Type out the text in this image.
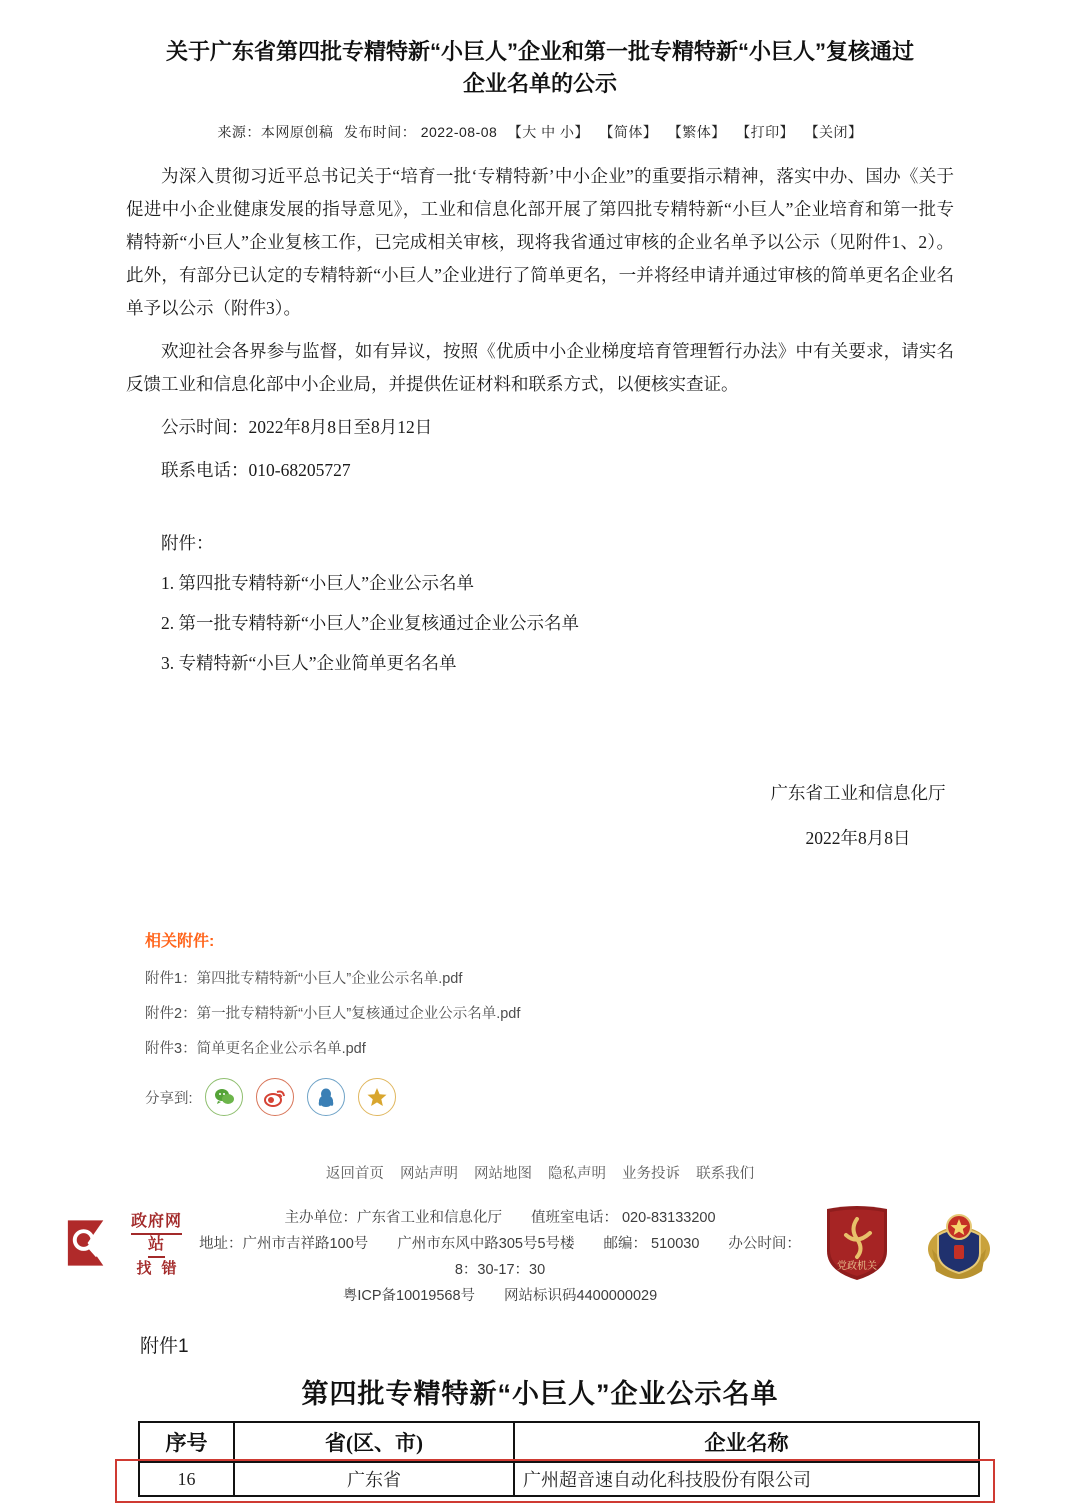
关于广东省第四批专精特新“小巨人”企业和第一批专精特新“小巨人”复核通过
企业名单的公示
来源：本网原创稿 发布时间： 2022-08-08 【大 中 小】 【简体】 【繁体】 【打印】 【关闭】

为深入贯彻习近平总书记关于“培育一批‘专精特新’中小企业”的重要指示精神，落实中办、国办《关于促进中小企业健康发展的指导意见》，工业和信息化部开展了第四批专精特新“小巨人”企业培育和第一批专精特新“小巨人”企业复核工作，已完成相关审核，现将我省通过审核的企业名单予以公示（见附件1、2）。此外，有部分已认定的专精特新“小巨人”企业进行了简单更名，一并将经申请并通过审核的简单更名企业名单予以公示（附件3）。

欢迎社会各界参与监督，如有异议，按照《优质中小企业梯度培育管理暂行办法》中有关要求，请实名反馈工业和信息化部中小企业局，并提供佐证材料和联系方式，以便核实查证。

公示时间：2022年8月8日至8月12日

联系电话：010-68205727

附件：

1. 第四批专精特新“小巨人”企业公示名单

2. 第一批专精特新“小巨人”企业复核通过企业公示名单

3. 专精特新“小巨人”企业简单更名名单

广东省工业和信息化厅
2022年8月8日
相关附件:
附件1：第四批专精特新“小巨人”企业公示名单.pdf
附件2：第一批专精特新“小巨人”复核通过企业公示名单.pdf
附件3：简单更名企业公示名单.pdf
分享到:
返回首页 网站声明 网站地图 隐私声明 业务投诉 联系我们
政府网站
找错
主办单位：广东省工业和信息化厅　　值班室电话： 020-83133200
地址：广州市吉祥路100号　　广州市东风中路305号5号楼　　邮编： 510030　　办公时间： 8：30-17：30
粤ICP备10019568号　　网站标识码4400000029
党政机关
附件1
第四批专精特新“小巨人”企业公示名单
序号	省(区、市)	企业名称
16	广东省	广州超音速自动化科技股份有限公司
